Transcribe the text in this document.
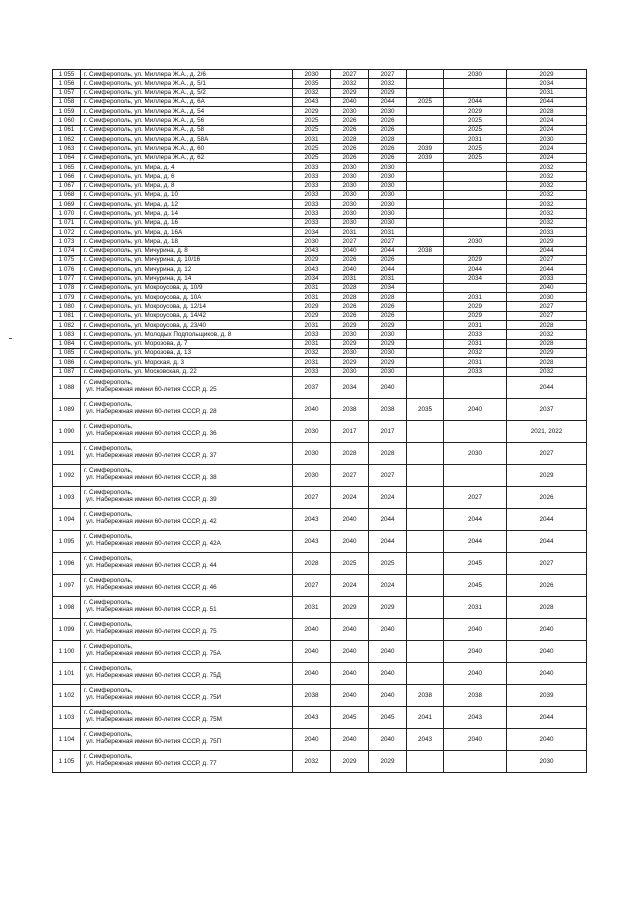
1 055	г. Симферополь, ул. Миллера Ж.А., д. 2/6	2030	2027	2027		2030	2029	
1 056	г. Симферополь, ул. Миллера Ж.А., д. 5/1	2035	2032	2032			2034	
1 057	г. Симферополь, ул. Миллера Ж.А., д. 5/2	2032	2029	2029			2031	
1 058	г. Симферополь, ул. Миллера Ж.А., д. 6А	2043	2040	2044	2025	2044	2044	
1 059	г. Симферополь, ул. Миллера Ж.А., д. 54	2029	2030	2030		2029	2028	
1 060	г. Симферополь, ул. Миллера Ж.А., д. 56	2025	2026	2026		2025	2024	
1 061	г. Симферополь, ул. Миллера Ж.А., д. 58	2025	2026	2026		2025	2024	
1 062	г. Симферополь, ул. Миллера Ж.А., д. 58А	2031	2028	2028		2031	2030	
1 063	г. Симферополь, ул. Миллера Ж.А., д. 60	2025	2026	2026	2039	2025	2024	
1 064	г. Симферополь, ул. Миллера Ж.А., д. 62	2025	2026	2026	2039	2025	2024	
1 065	г. Симферополь, ул. Мира, д. 4	2033	2030	2030			2032	
1 066	г. Симферополь, ул. Мира, д. 6	2033	2030	2030			2032	
1 067	г. Симферополь, ул. Мира, д. 8	2033	2030	2030			2032	
1 068	г. Симферополь, ул. Мира, д. 10	2033	2030	2030			2032	
1 069	г. Симферополь, ул. Мира, д. 12	2033	2030	2030			2032	
1 070	г. Симферополь, ул. Мира, д. 14	2033	2030	2030			2032	
1 071	г. Симферополь, ул. Мира, д. 16	2033	2030	2030			2032	
1 072	г. Симферополь, ул. Мира, д. 16А	2034	2031	2031			2033	
1 073	г. Симферополь, ул. Мира, д. 18	2030	2027	2027		2030	2029	
1 074	г. Симферополь, ул. Мичурина, д. 8	2043	2040	2044	2038		2044	
1 075	г. Симферополь, ул. Мичурина, д. 10/16	2029	2026	2026		2029	2027	
1 076	г. Симферополь, ул. Мичурина, д. 12	2043	2040	2044		2044	2044	
1 077	г. Симферополь, ул. Мичурина, д. 14	2034	2031	2031		2034	2033	
1 078	г. Симферополь, ул. Мокроусова, д. 10/9	2031	2028	2034			2040	
1 079	г. Симферополь, ул. Мокроусова, д. 10А	2031	2028	2028		2031	2030	
1 080	г. Симферополь, ул. Мокроусова, д. 12/14	2029	2026	2026		2029	2027	
1 081	г. Симферополь, ул. Мокроусова, д. 14/42	2029	2026	2026		2029	2027	
1 082	г. Симферополь, ул. Мокроусова, д. 23/40	2031	2029	2029		2031	2028	
1 083	г. Симферополь, ул. Молодых Подпольщиков, д. 8	2033	2030	2030		2033	2032	
1 084	г. Симферополь, ул. Морозова, д. 7	2031	2029	2029		2031	2028	
1 085	г. Симферополь, ул. Морозова, д. 13	2032	2030	2030		2032	2029	
1 086	г. Симферополь, ул. Морская, д. 3	2031	2029	2029		2031	2028	
1 087	г. Симферополь, ул. Московская, д. 22	2033	2030	2030		2033	2032	
1 088	г. Симферополь,
ул. Набережная имени 60-летия СССР, д. 25	2037	2034	2040			2044	
1 089	г. Симферополь,
ул. Набережная имени 60-летия СССР, д. 28	2040	2038	2038	2035	2040	2037	
1 090	г. Симферополь,
ул. Набережная имени 60-летия СССР, д. 36	2030	2017	2017			2021, 2022	
1 091	г. Симферополь,
ул. Набережная имени 60-летия СССР, д. 37	2030	2028	2028		2030	2027	
1 092	г. Симферополь,
ул. Набережная имени 60-летия СССР, д. 38	2030	2027	2027			2029	
1 093	г. Симферополь,
ул. Набережная имени 60-летия СССР, д. 39	2027	2024	2024		2027	2026	
1 094	г. Симферополь,
ул. Набережная имени 60-летия СССР, д. 42	2043	2040	2044		2044	2044	
1 095	г. Симферополь,
ул. Набережная имени 60-летия СССР, д. 42А	2043	2040	2044		2044	2044	
1 096	г. Симферополь,
ул. Набережная имени 60-летия СССР, д. 44	2028	2025	2025		2045	2027	
1 097	г. Симферополь,
ул. Набережная имени 60-летия СССР, д. 46	2027	2024	2024		2045	2026	
1 098	г. Симферополь,
ул. Набережная имени 60-летия СССР, д. 51	2031	2029	2029		2031	2028	
1 099	г. Симферополь,
ул. Набережная имени 60-летия СССР, д. 75	2040	2040	2040		2040	2040	
1 100	г. Симферополь,
ул. Набережная имени 60-летия СССР, д. 75А	2040	2040	2040		2040	2040	
1 101	г. Симферополь,
ул. Набережная имени 60-летия СССР, д. 75Д	2040	2040	2040		2040	2040	
1 102	г. Симферополь,
ул. Набережная имени 60-летия СССР, д. 75И	2038	2040	2040	2038	2038	2039	
1 103	г. Симферополь,
ул. Набережная имени 60-летия СССР, д. 75М	2043	2045	2045	2041	2043	2044	
1 104	г. Симферополь,
ул. Набережная имени 60-летия СССР, д. 75П	2040	2040	2040	2043	2040	2040	
1 105	г. Симферополь,
ул. Набережная имени 60-летия СССР, д. 77	2032	2029	2029			2030	
